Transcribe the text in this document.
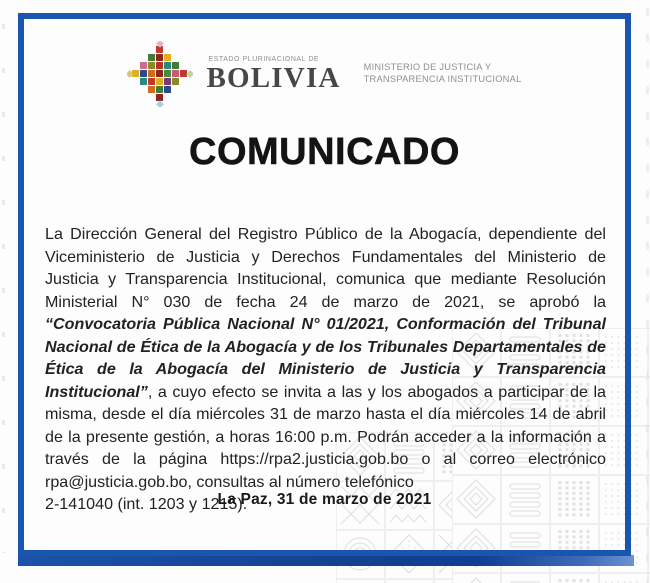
ESTADO PLURINACIONAL DE
BOLIVIA MINISTERIO DE JUSTICIA Y
TRANSPARENCIA INSTITUCIONAL
COMUNICADO

La Dirección General del Registro Público de la Abogacía, dependiente del Viceministerio de Justicia y Derechos Fundamentales del Ministerio de Justicia y Transparencia Institucional, comunica que mediante Resolución Ministerial N° 030 de fecha 24 de marzo de 2021, se aprobó la “Convocatoria Pública Nacional N° 01/2021, Conformación del Tribunal Nacional de Ética de la Abogacía y de los Tribunales Departamentales de Ética de la Abogacía del Ministerio de Justicia y Transparencia Institucional”, a cuyo efecto se invita a las y los abogados a participar de la misma, desde el día miércoles 31 de marzo hasta el día miércoles 14 de abril de la presente gestión, a horas 16:00 p.m. Podrán acceder a la información a través de la página https://rpa2.justicia.gob.bo o al correo electrónico rpa@justicia.gob.bo, consultas al número telefónico
2-141040 (int. 1203 y 1215).

La Paz, 31 de marzo de 2021
